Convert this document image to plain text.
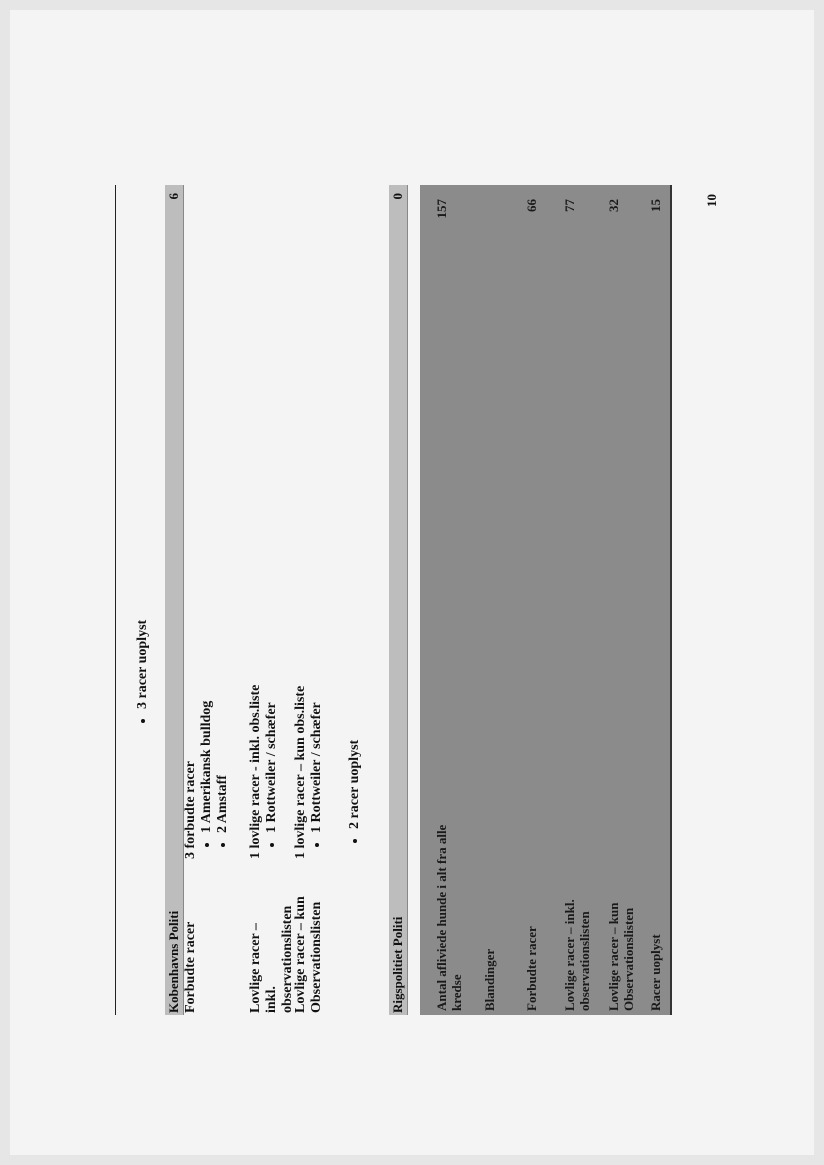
10
• 3 racer uoplyst
Kobenhavns Politi
6
Forbudte racer
3 forbudte racer • 1 Amerikansk bulldog • 2 Amstaff
Lovlige racer – inkl. observationslisten
1 lovlige racer - inkl. obs.liste • 1 Rottweiler / schæfer
Lovlige racer – kun Observationslisten
1 lovlige racer – kun obs.liste • 1 Rottweiler / schæfer • 2 racer uoplyst
Rigspolitiet Politi
0
Antal afliviede hunde i alt fra alle kredse
157
Blandinger Forbudte racer
66
Lovlige racer – inkl. observationslisten
77
Lovlige racer – kun Observationslisten
32
Racer uoplyst
15
